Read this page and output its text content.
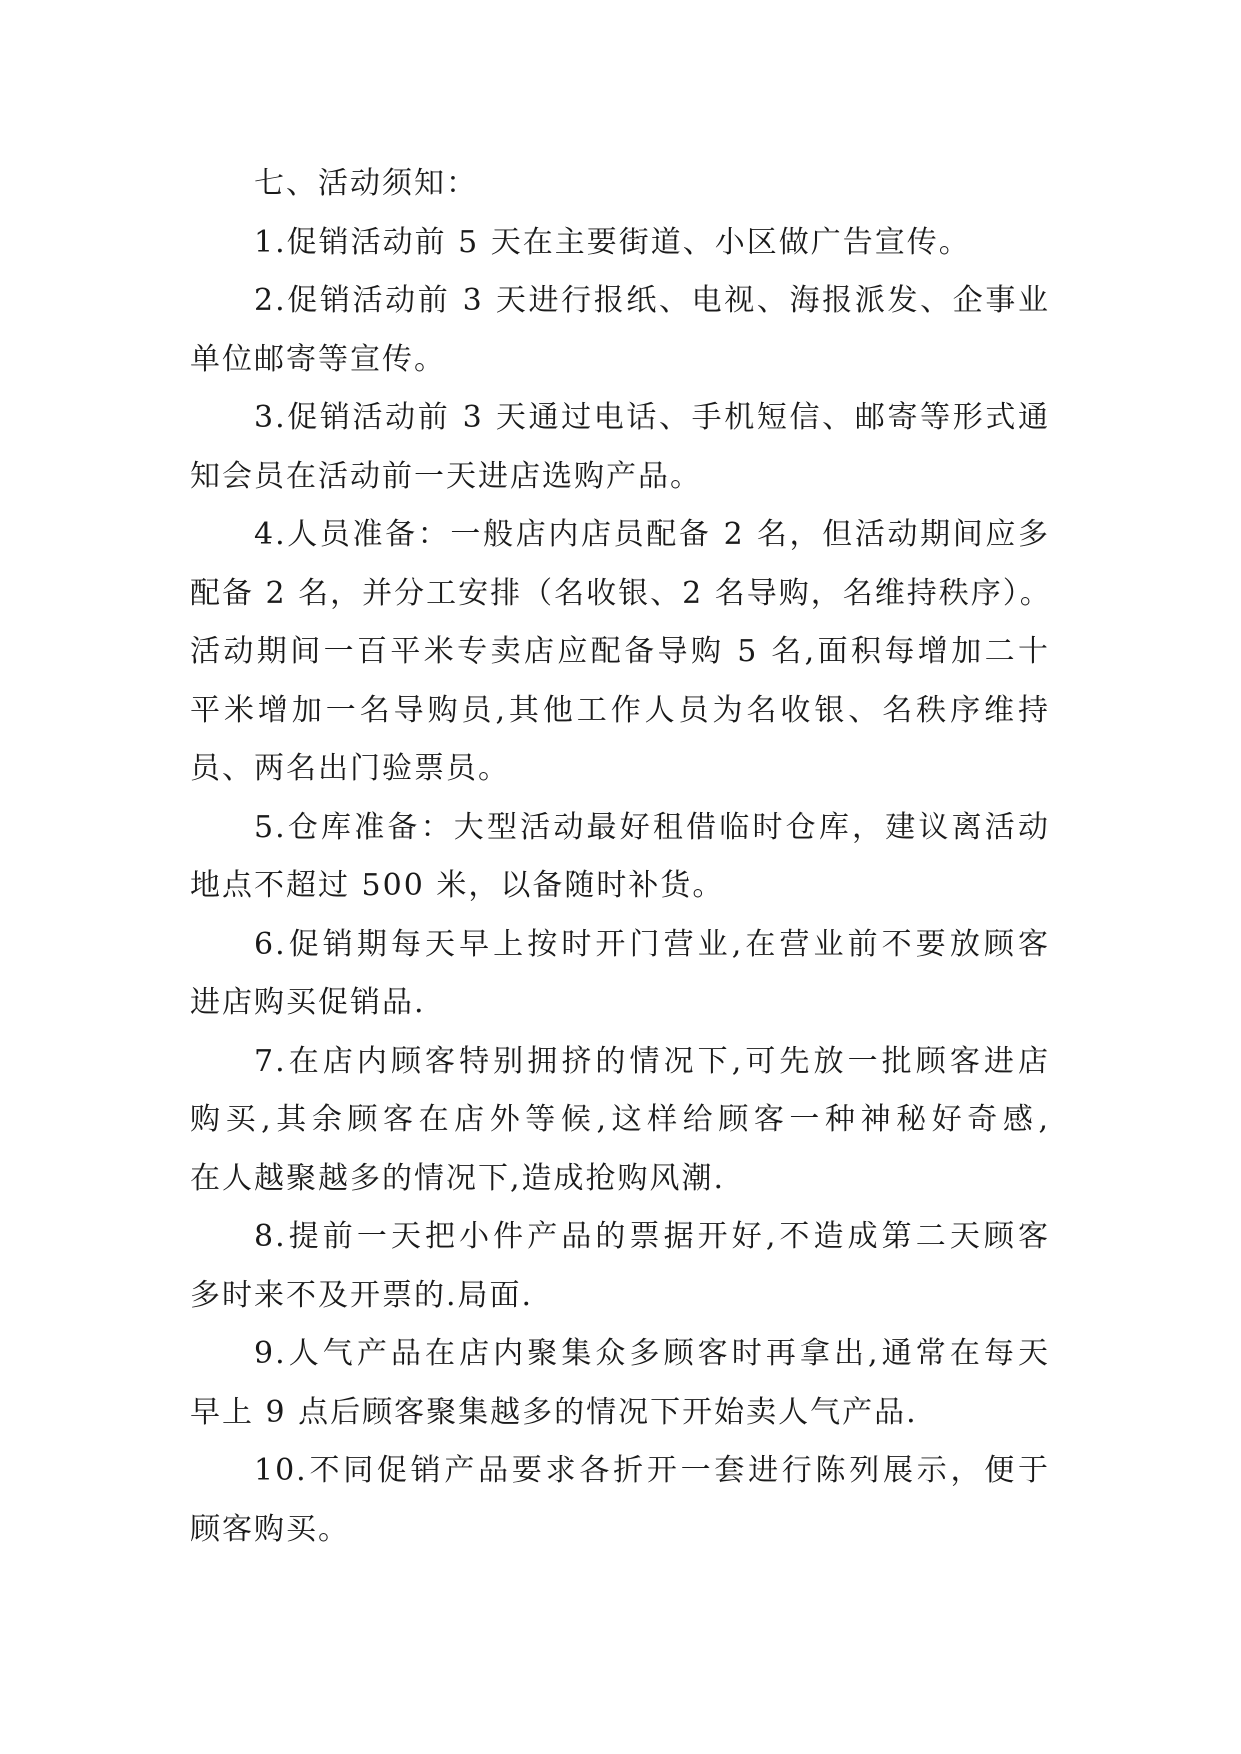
七、活动须知：
1.促销活动前 5 天在主要街道、小区做广告宣传。
2.促销活动前 3 天进行报纸、电视、海报派发、企事业
单位邮寄等宣传。
3.促销活动前 3 天通过电话、手机短信、邮寄等形式通
知会员在活动前一天进店选购产品。
4.人员准备：一般店内店员配备 2 名，但活动期间应多
配备 2 名，并分工安排（名收银、2 名导购，名维持秩序）。
活动期间一百平米专卖店应配备导购 5 名,面积每增加二十
平米增加一名导购员,其他工作人员为名收银、名秩序维持
员、两名出门验票员。
5.仓库准备：大型活动最好租借临时仓库，建议离活动
地点不超过 500 米，以备随时补货。
6.促销期每天早上按时开门营业,在营业前不要放顾客
进店购买促销品.
7.在店内顾客特别拥挤的情况下,可先放一批顾客进店
购买,其余顾客在店外等候,这样给顾客一种神秘好奇感,
在人越聚越多的情况下,造成抢购风潮.
8.提前一天把小件产品的票据开好,不造成第二天顾客
多时来不及开票的.局面.
9.人气产品在店内聚集众多顾客时再拿出,通常在每天
早上 9 点后顾客聚集越多的情况下开始卖人气产品.
10.不同促销产品要求各折开一套进行陈列展示，便于
顾客购买。
